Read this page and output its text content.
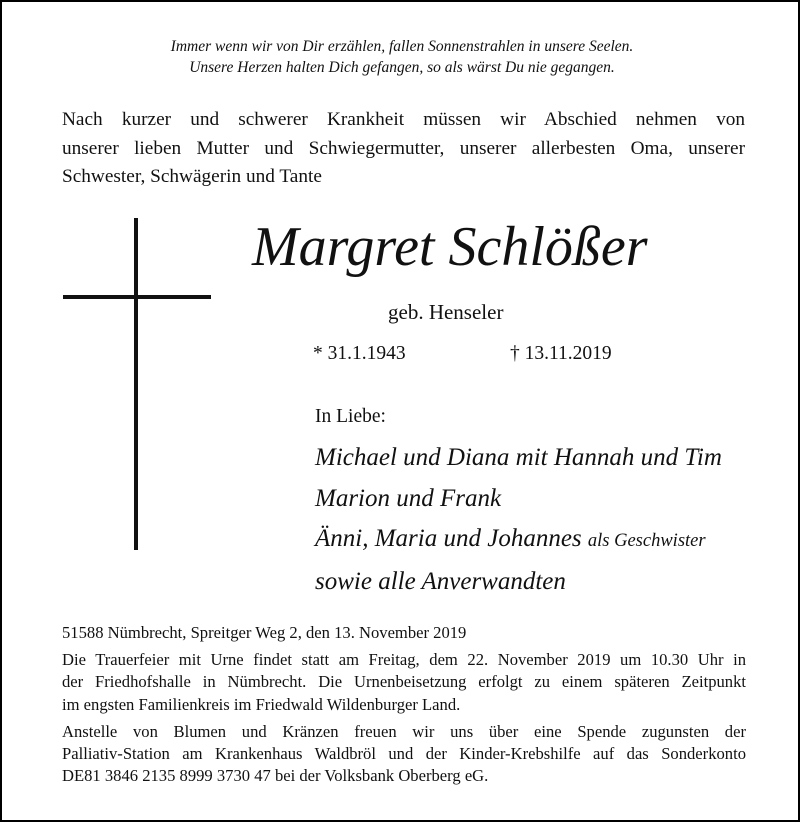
Immer wenn wir von Dir erzählen, fallen Sonnenstrahlen in unsere Seelen.
Unsere Herzen halten Dich gefangen, so als wärst Du nie gegangen.
Nach kurzer und schwerer Krankheit müssen wir Abschied nehmen von
unserer lieben Mutter und Schwiegermutter, unserer allerbesten Oma, unserer
Schwester, Schwägerin und Tante
Margret Schlößer
geb. Henseler
* 31.1.1943	† 13.11.2019
In Liebe:
Michael und Diana mit Hannah und Tim
Marion und Frank
Änni, Maria und Johannes als Geschwister
sowie alle Anverwandten
51588 Nümbrecht, Spreitger Weg 2, den 13. November 2019
Die Trauerfeier mit Urne findet statt am Freitag, dem 22. November 2019 um 10.30 Uhr in
der Friedhofshalle in Nümbrecht. Die Urnenbeisetzung erfolgt zu einem späteren Zeitpunkt
im engsten Familienkreis im Friedwald Wildenburger Land.
Anstelle von Blumen und Kränzen freuen wir uns über eine Spende zugunsten der
Palliativ-Station am Krankenhaus Waldbröl und der Kinder-Krebshilfe auf das Sonderkonto
DE81 3846 2135 8999 3730 47 bei der Volksbank Oberberg eG.
